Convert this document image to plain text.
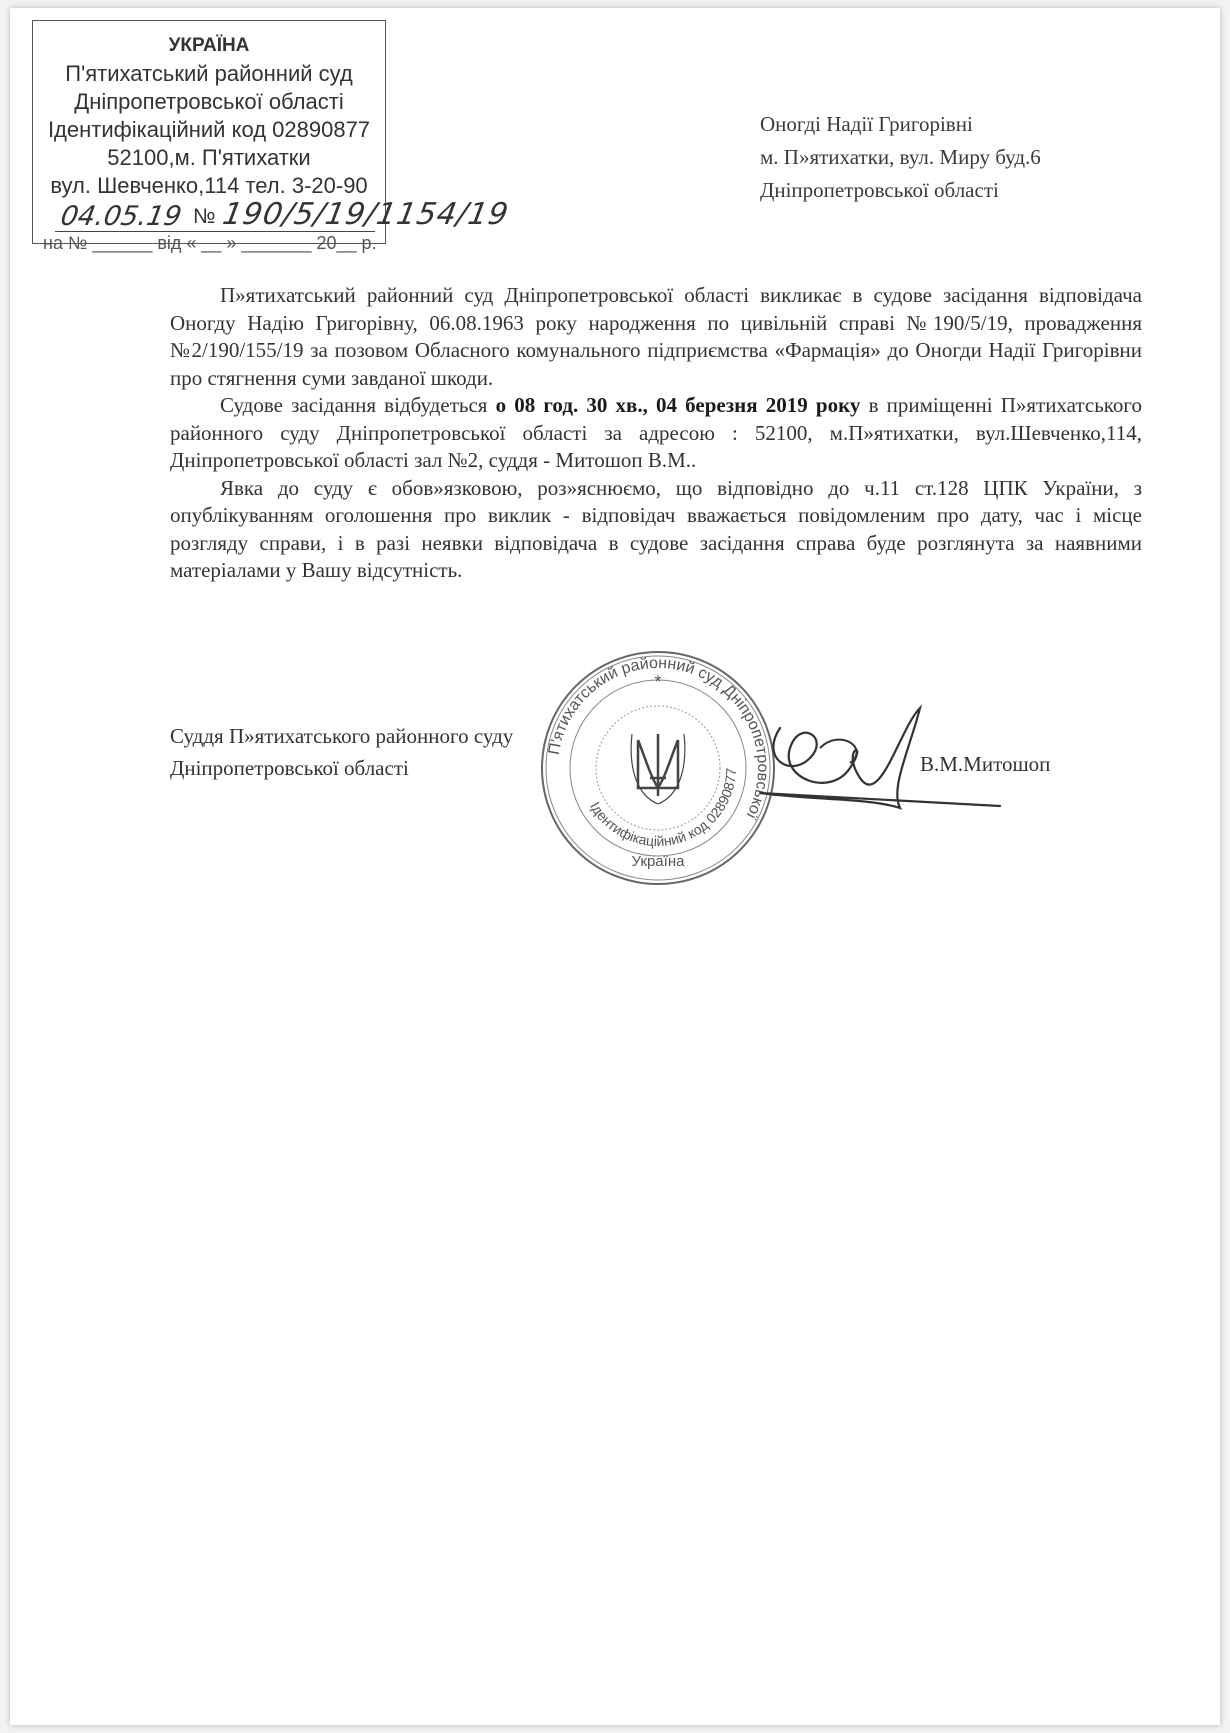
УКРАЇНА
П'ятихатський районний суд
Дніпропетровської області
Ідентифікаційний код 02890877
52100,м. П'ятихатки
вул. Шевченко,114 тел. 3-20-90
04.05.19 № 190/5/19/1154/19
на № ______ від « __ » _______ 20__ р.
Оногді Надії Григорівні
м. П»ятихатки, вул. Миру буд.6
Дніпропетровської області

П»ятихатський районний суд Дніпропетровської області викликає в судове засідання відповідача Оногду Надію Григорівну, 06.08.1963 року народження по цивільній справі №190/5/19, провадження №2/190/155/19 за позовом Обласного комунального підприємства «Фармація» до Оногди Надії Григорівни про стягнення суми завданої шкоди.

Судове засідання відбудеться о 08 год. 30 хв., 04 березня 2019 року в приміщенні П»ятихатського районного суду Дніпропетровської області за адресою : 52100, м.П»ятихатки, вул.Шевченко,114, Дніпропетровської області зал №2, суддя - Митошоп В.М..

Явка до суду є обов»язковою, роз»яснюємо, що відповідно до ч.11 ст.128 ЦПК України, з опублікуванням оголошення про виклик - відповідач вважається повідомленим про дату, час і місце розгляду справи, і в разі неявки відповідача в судове засідання справа буде розглянута за наявними матеріалами у Вашу відсутність.

Суддя П»ятихатського районного суду
Дніпропетровської області	В.М.Митошоп
П'ятихатський районний суд Дніпропетровської
Ідентифікаційний код 02890877
Україна
*
